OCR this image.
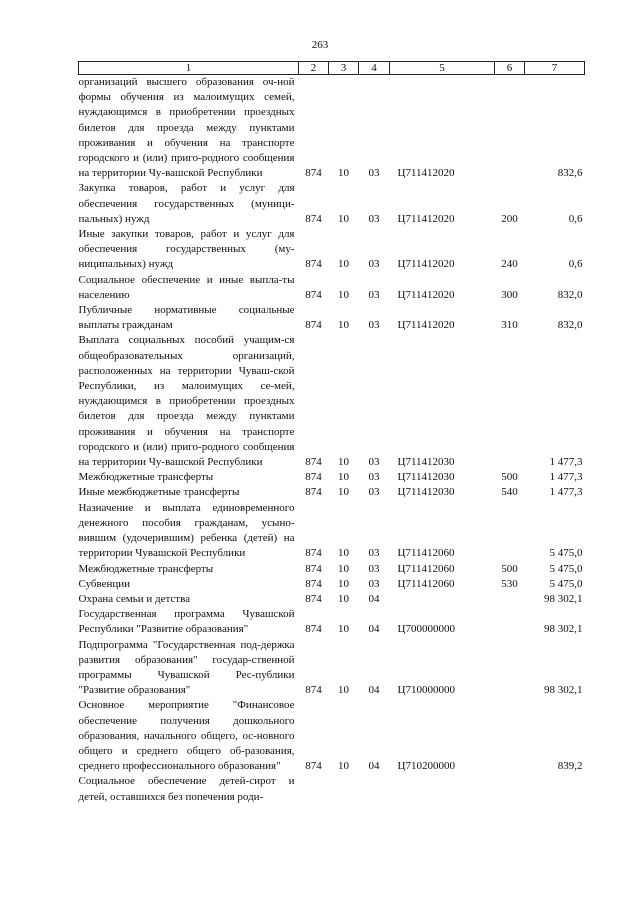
263
1	2	3	4	5	6	7
организаций высшего образования оч-ной формы обучения из малоимущих семей, нуждающимся в приобретении проездных билетов для проезда между пунктами проживания и обучения на транспорте городского и (или) приго-родного сообщения на территории Чу-вашской Республики	874	10	03	Ц711412020		832,6
Закупка товаров, работ и услуг для обеспечения государственных (муници-пальных) нужд	874	10	03	Ц711412020	200	0,6
Иные закупки товаров, работ и услуг для обеспечения государственных (му-ниципальных) нужд	874	10	03	Ц711412020	240	0,6
Социальное обеспечение и иные выпла-ты населению	874	10	03	Ц711412020	300	832,0
Публичные нормативные социальные выплаты гражданам	874	10	03	Ц711412020	310	832,0
Выплата социальных пособий учащим-ся общеобразовательных организаций, расположенных на территории Чуваш-ской Республики, из малоимущих се-мей, нуждающимся в приобретении проездных билетов для проезда между пунктами проживания и обучения на транспорте городского и (или) приго-родного сообщения на территории Чу-вашской Республики	874	10	03	Ц711412030		1 477,3
Межбюджетные трансферты	874	10	03	Ц711412030	500	1 477,3
Иные межбюджетные трансферты	874	10	03	Ц711412030	540	1 477,3
Назначение и выплата единовременного денежного пособия гражданам, усыно-вившим (удочерившим) ребенка (детей) на территории Чувашской Республики	874	10	03	Ц711412060		5 475,0
Межбюджетные трансферты	874	10	03	Ц711412060	500	5 475,0
Субвенции	874	10	03	Ц711412060	530	5 475,0
Охрана семьи и детства	874	10	04			98 302,1
Государственная программа Чувашской Республики "Развитие образования"	874	10	04	Ц700000000		98 302,1
Подпрограмма "Государственная под-держка развития образования" государ-ственной программы Чувашской Рес-публики "Развитие образования"	874	10	04	Ц710000000		98 302,1
Основное мероприятие "Финансовое обеспечение получения дошкольного образования, начального общего, ос-новного общего и среднего общего об-разования, среднего профессионального образования"	874	10	04	Ц710200000		839,2
Социальное обеспечение детей-сирот и детей, оставшихся без попечения роди-						
